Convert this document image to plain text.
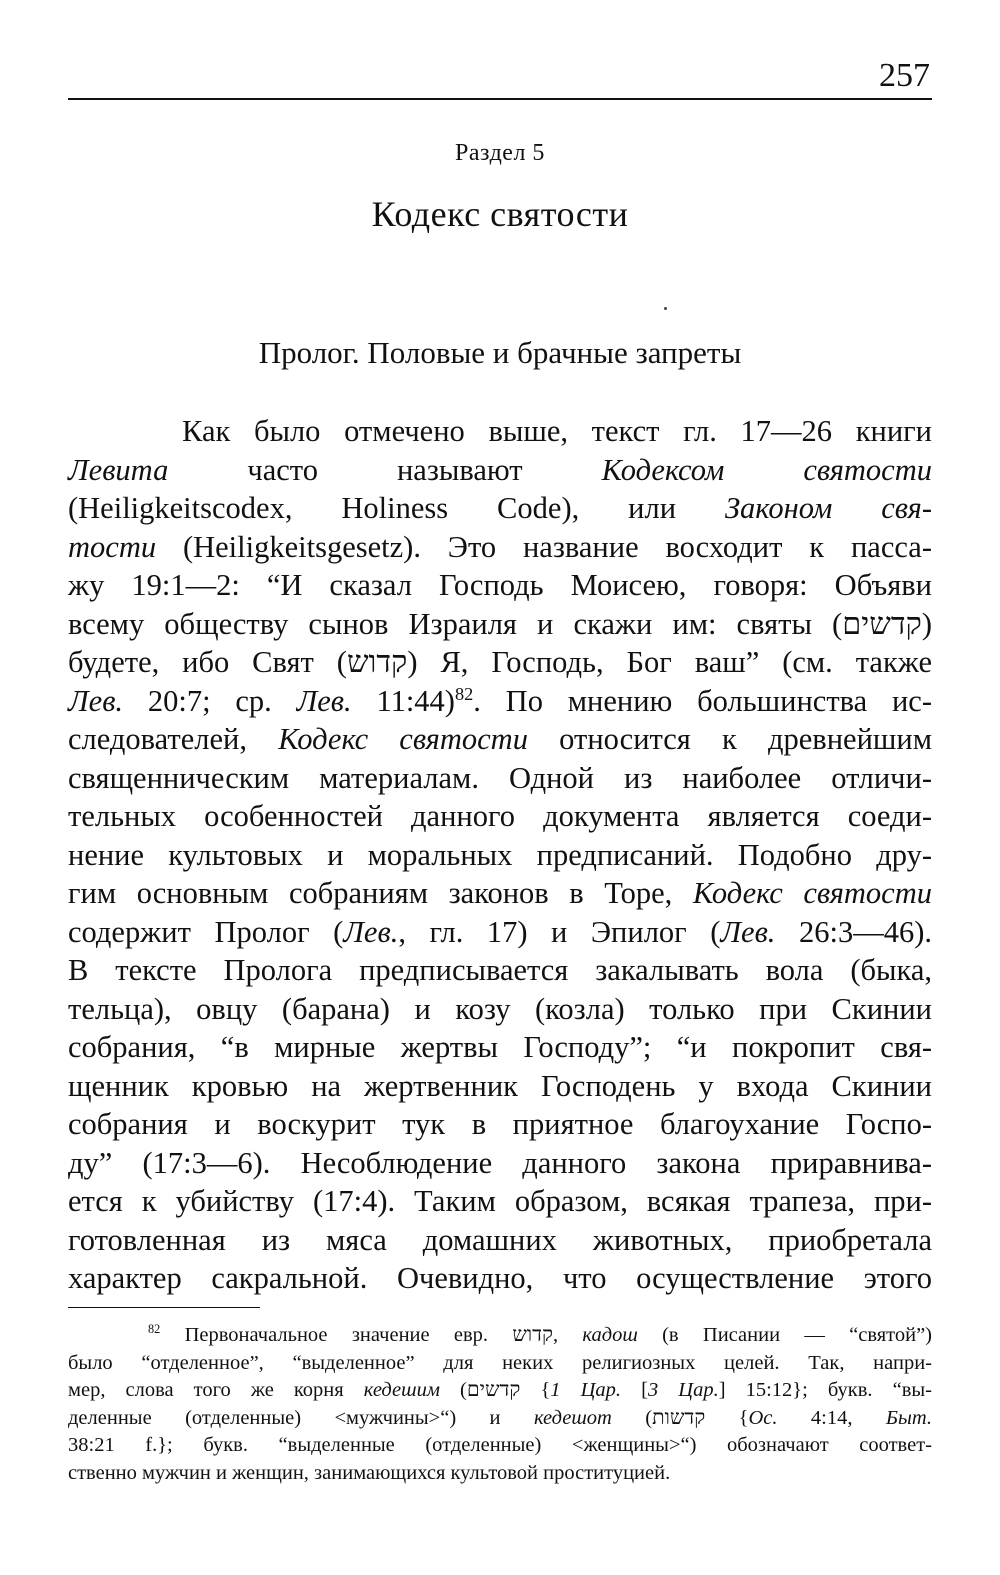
257
Раздел 5
Кодекс святости
Пролог. Половые и брачные запреты
Как было отмечено выше, текст гл. 17—26 книги
Левита часто называют Кодексом святости
(Heiligkeitscodex, Holiness Code), или Законом свя-
тости (Heiligkeitsgesetz). Это название восходит к пасса-
жу 19:1—2: “И сказал Господь Моисею, говоря: Объяви
всему обществу сынов Израиля и скажи им: святы (קדשים)
будете, ибо Свят (קדוש) Я, Господь, Бог ваш” (см. также
Лев. 20:7; ср. Лев. 11:44)$^{82}$. По мнению большинства ис-
следователей, Кодекс святости относится к древнейшим
священническим материалам. Одной из наиболее отличи-
тельных особенностей данного документа является соеди-
нение культовых и моральных предписаний. Подобно дру-
гим основным собраниям законов в Торе, Кодекс святости
содержит Пролог (Лев., гл. 17) и Эпилог (Лев. 26:3—46).
В тексте Пролога предписывается закалывать вола (быка,
тельца), овцу (барана) и козу (козла) только при Скинии
собрания, “в мирные жертвы Господу”; “и покропит свя-
щенник кровью на жертвенник Господень у входа Скинии
собрания и воскурит тук в приятное благоухание Госпо-
ду” (17:3—6). Несоблюдение данного закона приравнива-
ется к убийству (17:4). Таким образом, всякая трапеза, при-
готовленная из мяса домашних животных, приобретала
характер сакральной. Очевидно, что осуществление этого
$^{82}$ Первоначальное значение евр. קדוש, кадош (в Писании — “святой”)
было “отделенное”, “выделенное” для неких религиозных целей. Так, напри-
мер, слова того же корня кедешим (קדשים {1 Цар. [3 Цар.] 15:12}; букв. “вы-
деленные (отделенные) <мужчины>“) и кедешот (קדשות {Ос. 4:14, Быт.
38:21 f.}; букв. “выделенные (отделенные) <женщины>“) обозначают соответ-
ственно мужчин и женщин, занимающихся культовой проституцией.
